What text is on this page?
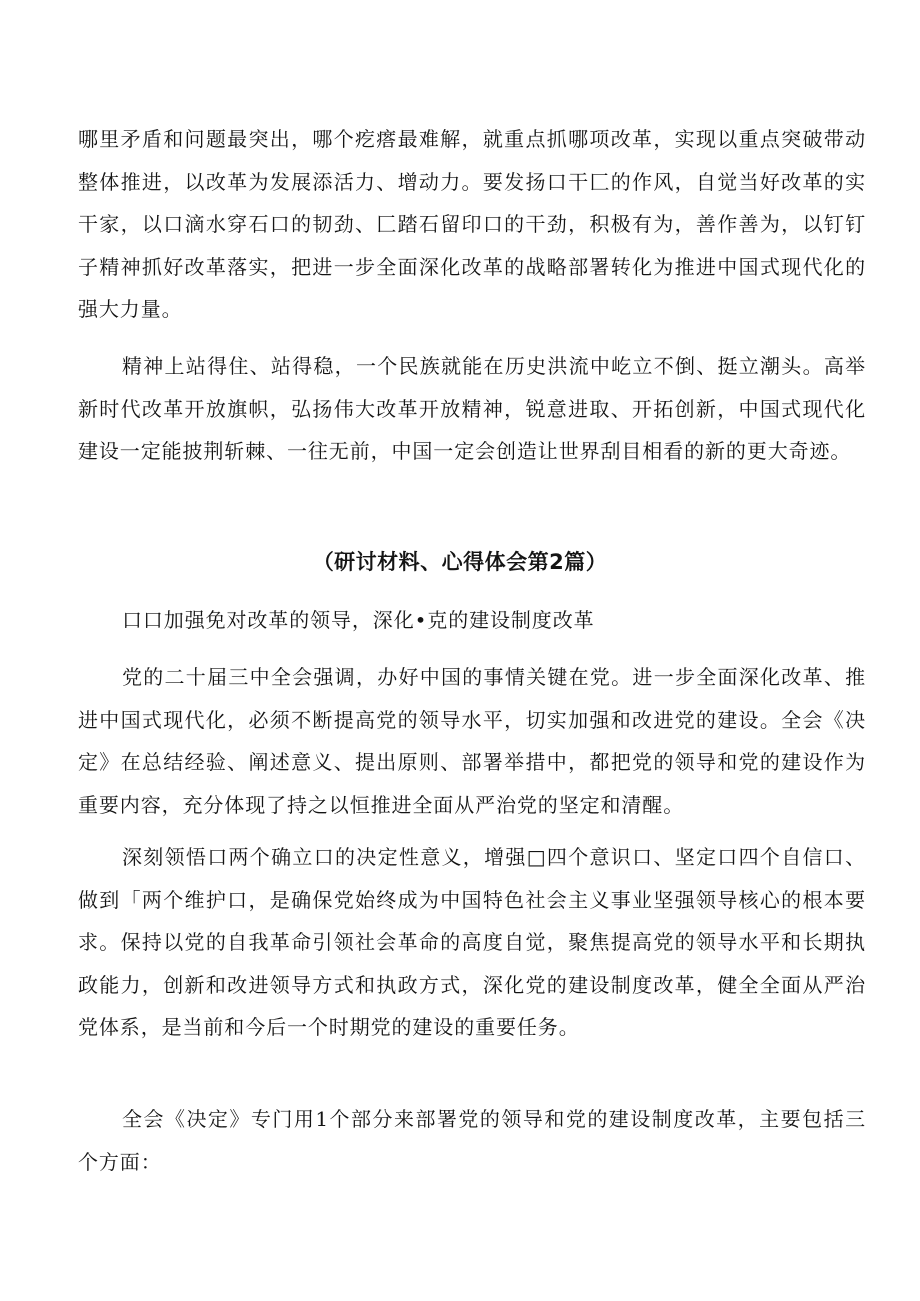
哪里矛盾和问题最突出，哪个疙瘩最难解，就重点抓哪项改革，实现以重点突破带动整体推进，以改革为发展添活力、增动力。要发扬口干匚的作风，自觉当好改革的实干家，以口滴水穿石口的韧劲、匚踏石留印口的干劲，积极有为，善作善为，以钉钉子精神抓好改革落实，把进一步全面深化改革的战略部署转化为推进中国式现代化的强大力量。

精神上站得住、站得稳，一个民族就能在历史洪流中屹立不倒、挺立潮头。高举新时代改革开放旗帜，弘扬伟大改革开放精神，锐意进取、开拓创新，中国式现代化建设一定能披荆斩棘、一往无前，中国一定会创造让世界刮目相看的新的更大奇迹。

（研讨材料、心得体会第2篇）

口口加强免对改革的领导，深化•克的建设制度改革

党的二十届三中全会强调，办好中国的事情关键在党。进一步全面深化改革、推进中国式现代化，必须不断提高党的领导水平，切实加强和改进党的建设。全会《决定》在总结经验、阐述意义、提出原则、部署举措中，都把党的领导和党的建设作为重要内容，充分体现了持之以恒推进全面从严治党的坚定和清醒。

深刻领悟口两个确立口的决定性意义，增强□四个意识口、坚定口四个自信口、做到「两个维护口，是确保党始终成为中国特色社会主义事业坚强领导核心的根本要求。保持以党的自我革命引领社会革命的高度自觉，聚焦提高党的领导水平和长期执政能力，创新和改进领导方式和执政方式，深化党的建设制度改革，健全全面从严治党体系，是当前和今后一个时期党的建设的重要任务。

全会《决定》专门用1个部分来部署党的领导和党的建设制度改革，主要包括三个方面：
